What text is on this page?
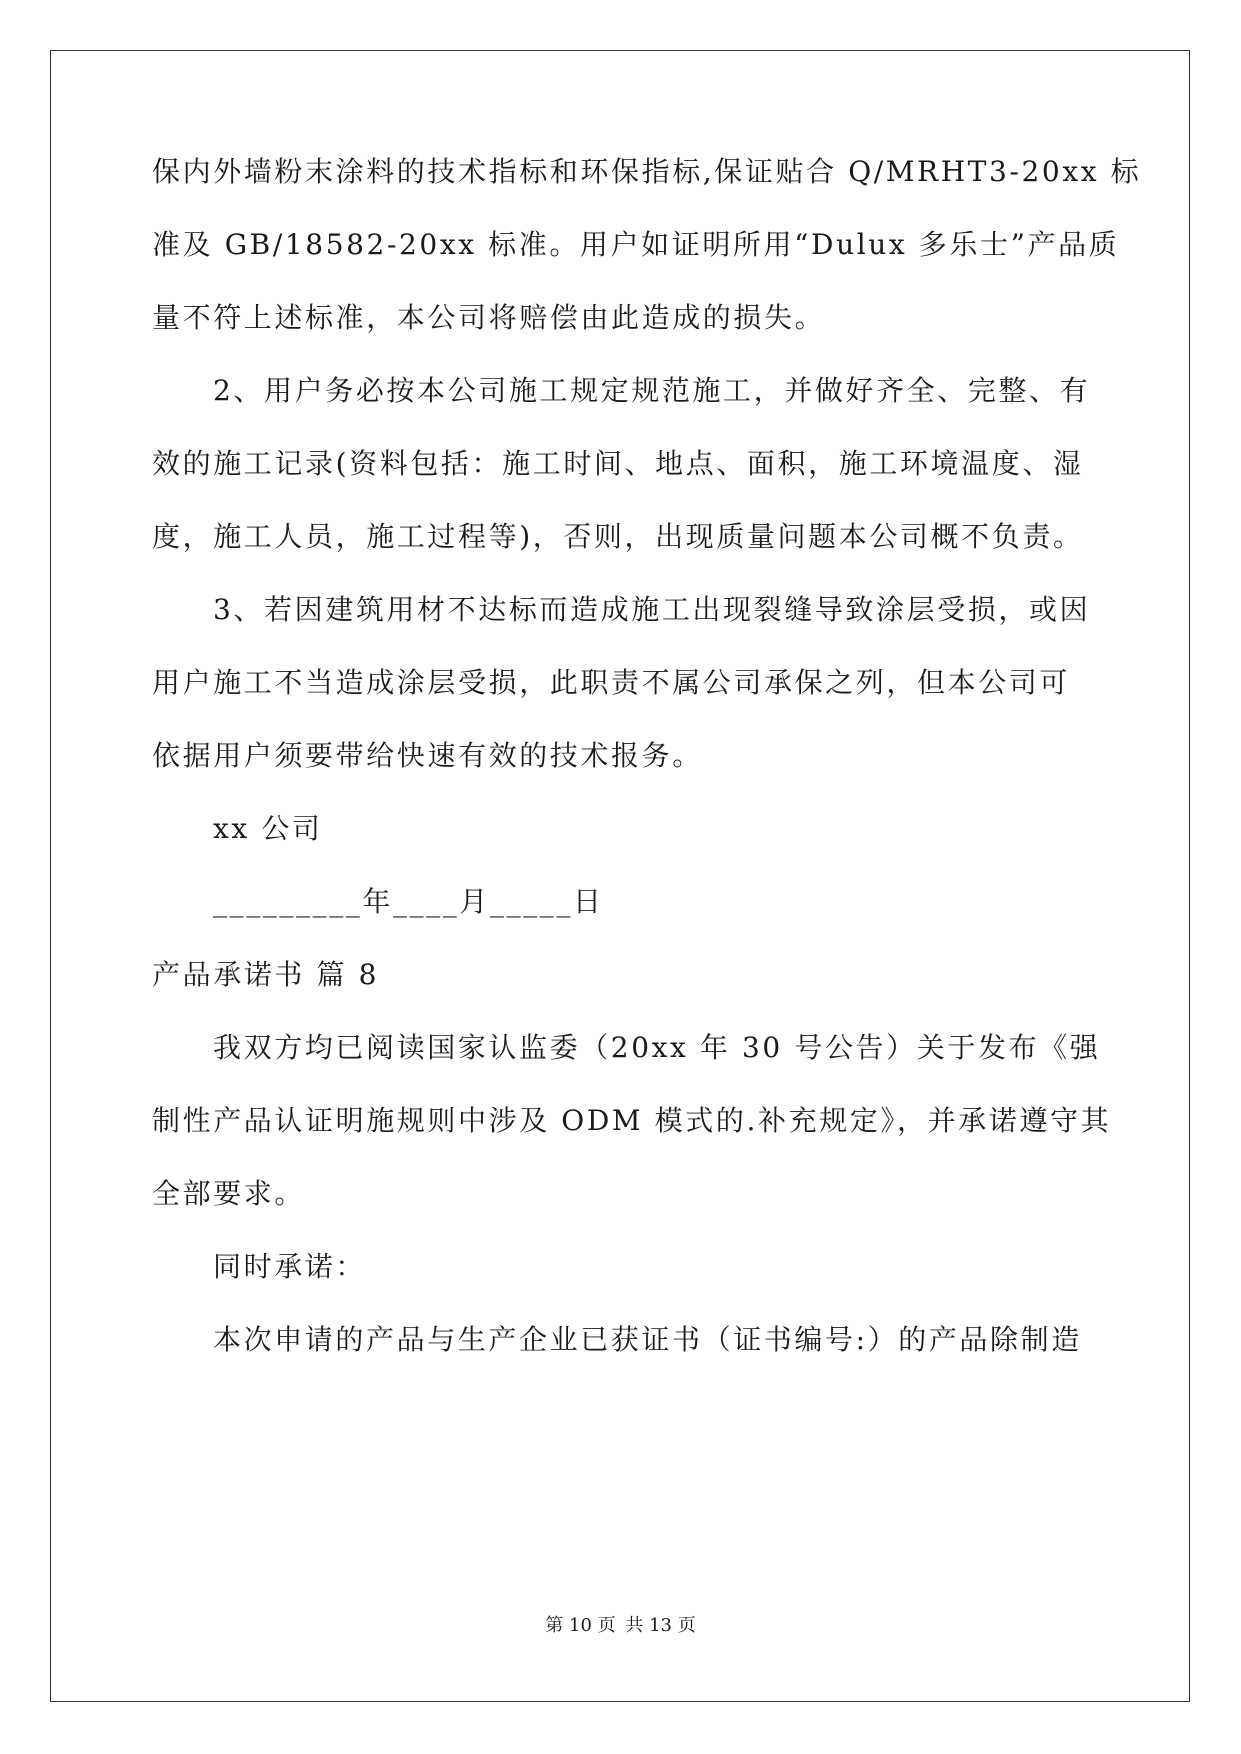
保内外墙粉末涂料的技术指标和环保指标,保证贴合 Q/MRHT3-20xx 标
准及 GB/18582-20xx 标准。用户如证明所用“Dulux 多乐士”产品质
量不符上述标准，本公司将赔偿由此造成的损失。
2、用户务必按本公司施工规定规范施工，并做好齐全、完整、有
效的施工记录(资料包括：施工时间、地点、面积，施工环境温度、湿
度，施工人员，施工过程等)，否则，出现质量问题本公司概不负责。
3、若因建筑用材不达标而造成施工出现裂缝导致涂层受损，或因
用户施工不当造成涂层受损，此职责不属公司承保之列，但本公司可
依据用户须要带给快速有效的技术报务。
xx 公司
_________年____月_____日
产品承诺书 篇 8
我双方均已阅读国家认监委（20xx 年 30 号公告）关于发布《强
制性产品认证明施规则中涉及 ODM 模式的.补充规定》，并承诺遵守其
全部要求。
同时承诺：
本次申请的产品与生产企业已获证书（证书编号:）的产品除制造
第 10 页 共 13 页
